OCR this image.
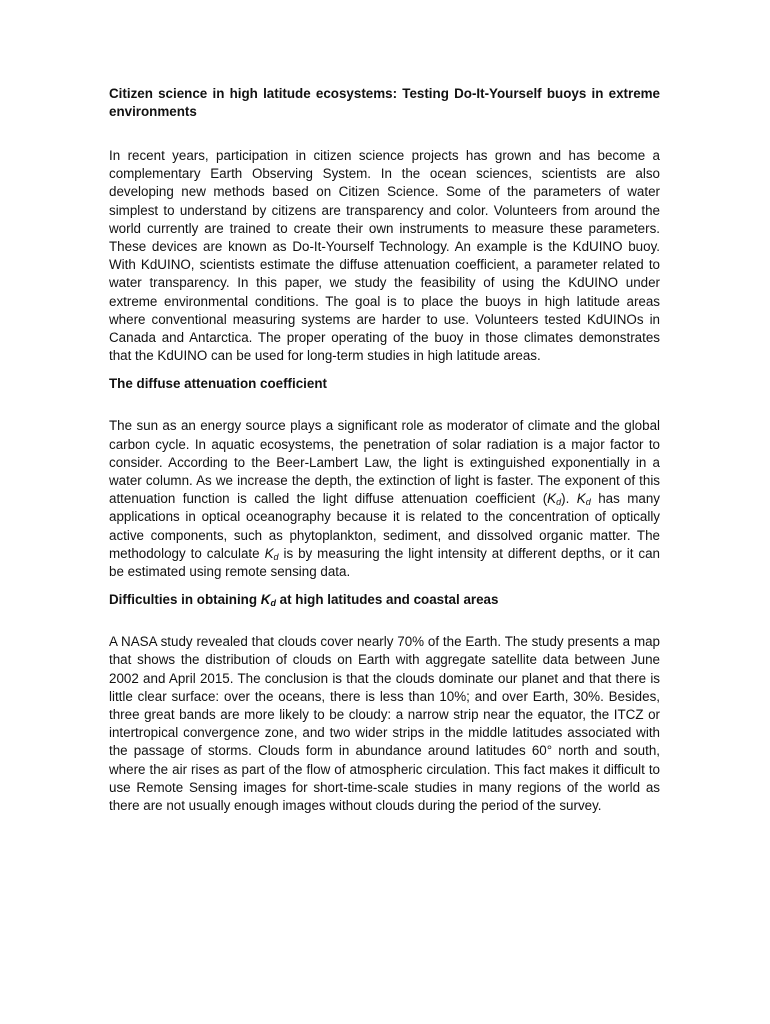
Citizen science in high latitude ecosystems: Testing Do-It-Yourself buoys in extreme environments

In recent years, participation in citizen science projects has grown and has become a complementary Earth Observing System. In the ocean sciences, scientists are also developing new methods based on Citizen Science. Some of the parameters of water simplest to understand by citizens are transparency and color. Volunteers from around the world currently are trained to create their own instruments to measure these parameters. These devices are known as Do-It-Yourself Technology. An example is the KdUINO buoy. With KdUINO, scientists estimate the diffuse attenuation coefficient, a parameter related to water transparency. In this paper, we study the feasibility of using the KdUINO under extreme environmental conditions. The goal is to place the buoys in high latitude areas where conventional measuring systems are harder to use. Volunteers tested KdUINOs in Canada and Antarctica. The proper operating of the buoy in those climates demonstrates that the KdUINO can be used for long-term studies in high latitude areas.

The diffuse attenuation coefficient

The sun as an energy source plays a significant role as moderator of climate and the global carbon cycle. In aquatic ecosystems, the penetration of solar radiation is a major factor to consider. According to the Beer-Lambert Law, the light is extinguished exponentially in a water column. As we increase the depth, the extinction of light is faster. The exponent of this attenuation function is called the light diffuse attenuation coefficient $(K_d)$. $K_d$ has many applications in optical oceanography because it is related to the concentration of optically active components, such as phytoplankton, sediment, and dissolved organic matter. The methodology to calculate $K_d$ is by measuring the light intensity at different depths, or it can be estimated using remote sensing data.

Difficulties in obtaining $K_d$ at high latitudes and coastal areas

A NASA study revealed that clouds cover nearly 70% of the Earth. The study presents a map that shows the distribution of clouds on Earth with aggregate satellite data between June 2002 and April 2015. The conclusion is that the clouds dominate our planet and that there is little clear surface: over the oceans, there is less than 10%; and over Earth, 30%. Besides, three great bands are more likely to be cloudy: a narrow strip near the equator, the ITCZ or intertropical convergence zone, and two wider strips in the middle latitudes associated with the passage of storms. Clouds form in abundance around latitudes 60° north and south, where the air rises as part of the flow of atmospheric circulation. This fact makes it difficult to use Remote Sensing images for short-time-scale studies in many regions of the world as there are not usually enough images without clouds during the period of the survey.
